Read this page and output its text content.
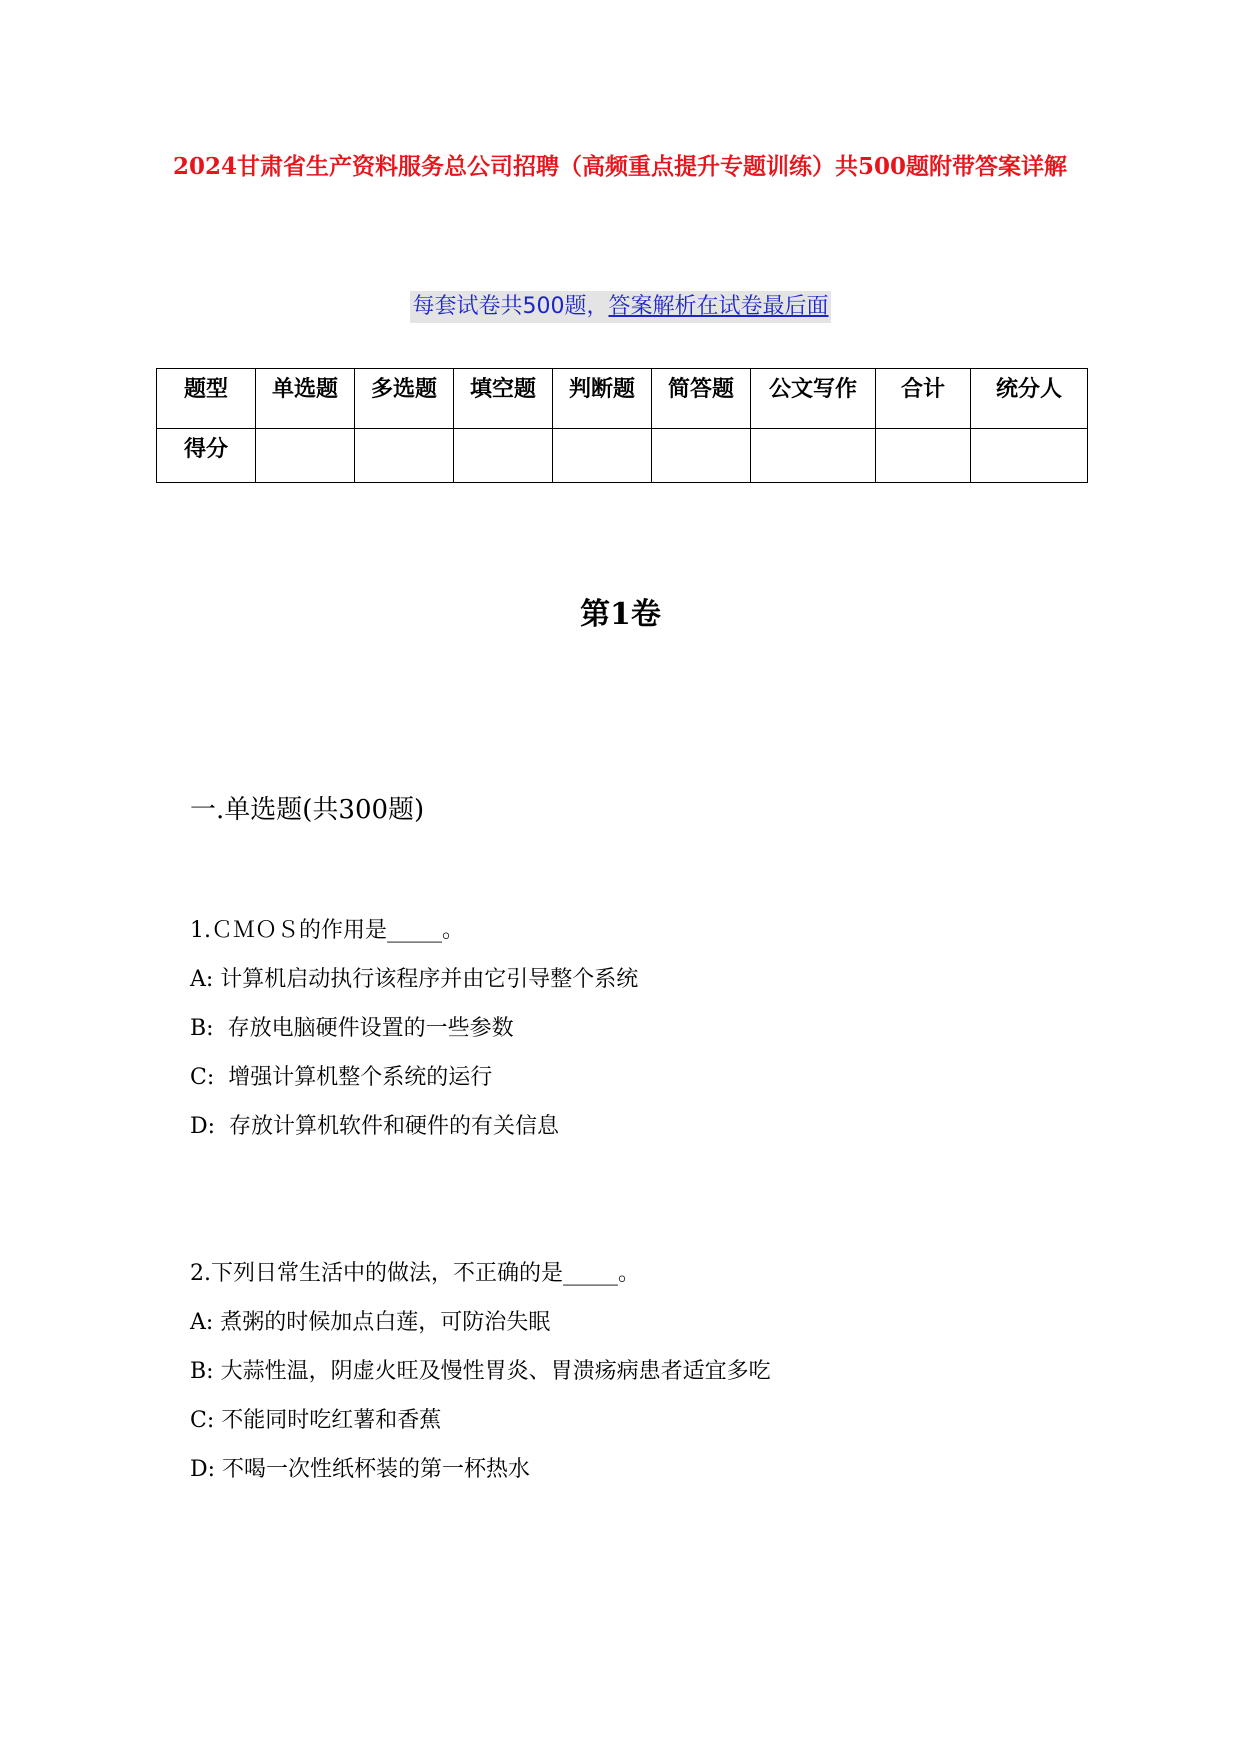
2024甘肃省生产资料服务总公司招聘（高频重点提升专题训练）共500题附带答案详解
每套试卷共500题，答案解析在试卷最后面
题型	单选题	多选题	填空题	判断题	简答题	公文写作	合计	统分人
得分								
第1卷
一.单选题(共300题)
1.ＣＭＯＳ的作用是_____。
A: 计算机启动执行该程序并由它引导整个系统
B:  存放电脑硬件设置的一些参数
C:  增强计算机整个系统的运行
D:  存放计算机软件和硬件的有关信息
2.下列日常生活中的做法，不正确的是_____。
A: 煮粥的时候加点白莲，可防治失眠
B: 大蒜性温，阴虚火旺及慢性胃炎、胃溃疡病患者适宜多吃
C: 不能同时吃红薯和香蕉
D: 不喝一次性纸杯装的第一杯热水
